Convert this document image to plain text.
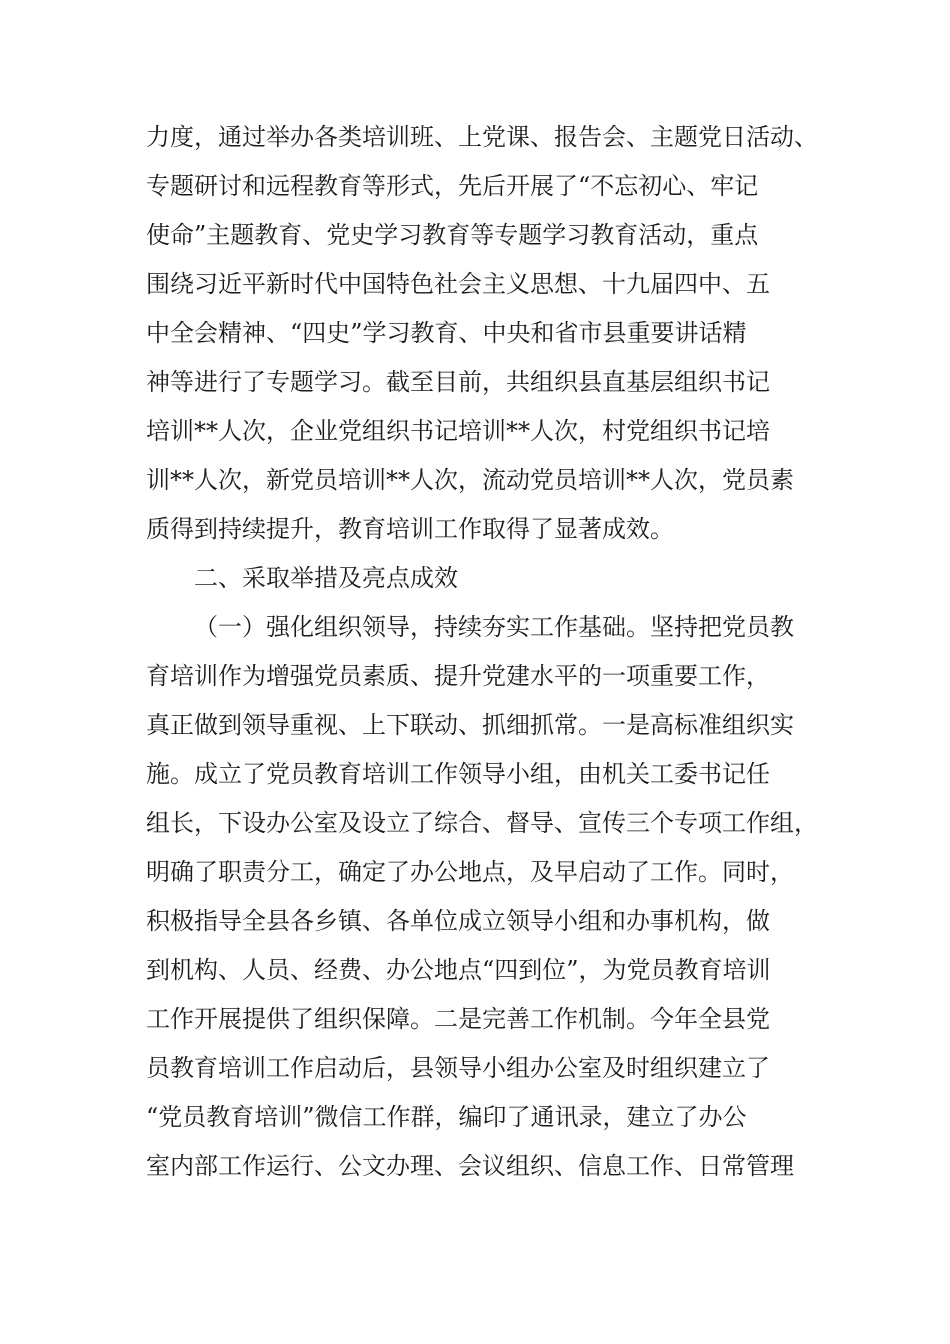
力度，通过举办各类培训班、上党课、报告会、主题党日活动、
专题研讨和远程教育等形式，先后开展了“不忘初心、牢记
使命”主题教育、党史学习教育等专题学习教育活动，重点
围绕习近平新时代中国特色社会主义思想、十九届四中、五
中全会精神、“四史”学习教育、中央和省市县重要讲话精
神等进行了专题学习。截至目前，共组织县直基层组织书记
培训**人次，企业党组织书记培训**人次，村党组织书记培
训**人次，新党员培训**人次，流动党员培训**人次，党员素
质得到持续提升，教育培训工作取得了显著成效。
二、采取举措及亮点成效
（一）强化组织领导，持续夯实工作基础。坚持把党员教
育培训作为增强党员素质、提升党建水平的一项重要工作，
真正做到领导重视、上下联动、抓细抓常。一是高标准组织实
施。成立了党员教育培训工作领导小组，由机关工委书记任
组长，下设办公室及设立了综合、督导、宣传三个专项工作组，
明确了职责分工，确定了办公地点，及早启动了工作。同时，
积极指导全县各乡镇、各单位成立领导小组和办事机构，做
到机构、人员、经费、办公地点“四到位”，为党员教育培训
工作开展提供了组织保障。二是完善工作机制。今年全县党
员教育培训工作启动后，县领导小组办公室及时组织建立了
“党员教育培训”微信工作群，编印了通讯录，建立了办公
室内部工作运行、公文办理、会议组织、信息工作、日常管理
